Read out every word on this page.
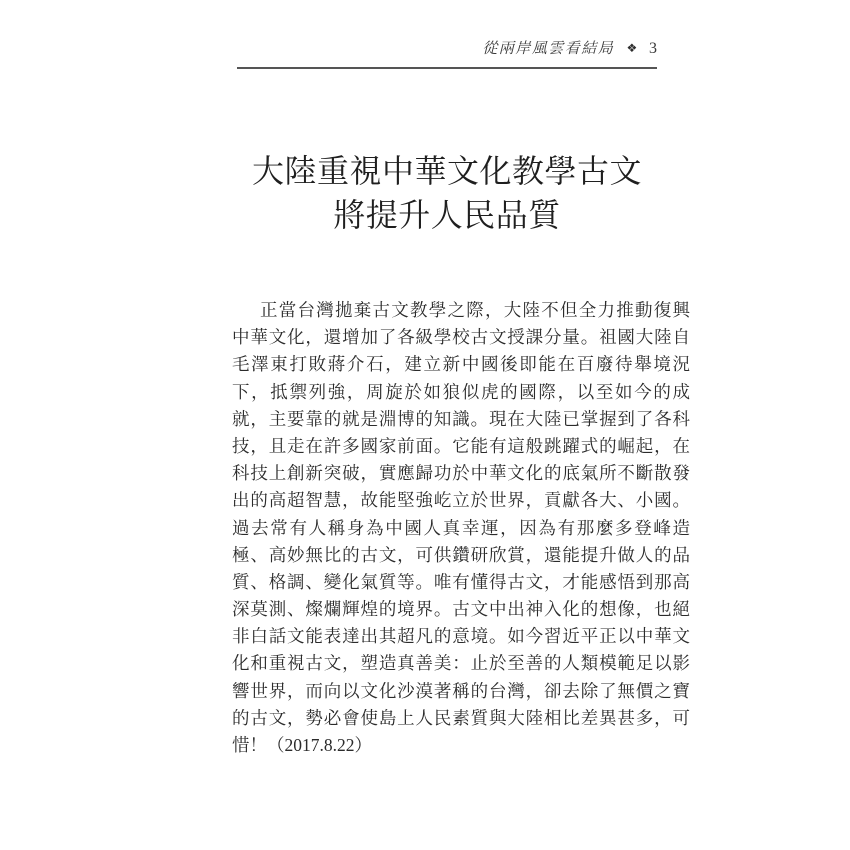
從兩岸風雲看結局 ❖ 3
大陸重視中華文化教學古文
將提升人民品質
正當台灣拋棄古文教學之際，大陸不但全力推動復興
中華文化，還增加了各級學校古文授課分量。祖國大陸自
毛澤東打敗蔣介石，建立新中國後即能在百廢待舉境況
下，抵禦列強，周旋於如狼似虎的國際，以至如今的成
就，主要靠的就是淵博的知識。現在大陸已掌握到了各科
技，且走在許多國家前面。它能有這般跳躍式的崛起，在
科技上創新突破，實應歸功於中華文化的底氣所不斷散發
出的高超智慧，故能堅強屹立於世界，貢獻各大、小國。
過去常有人稱身為中國人真幸運，因為有那麼多登峰造
極、高妙無比的古文，可供鑽研欣賞，還能提升做人的品
質、格調、變化氣質等。唯有懂得古文，才能感悟到那高
深莫測、燦爛輝煌的境界。古文中出神入化的想像，也絕
非白話文能表達出其超凡的意境。如今習近平正以中華文
化和重視古文，塑造真善美：止於至善的人類模範足以影
響世界，而向以文化沙漠著稱的台灣，卻去除了無價之寶
的古文，勢必會使島上人民素質與大陸相比差異甚多，可
惜！（2017.8.22）
